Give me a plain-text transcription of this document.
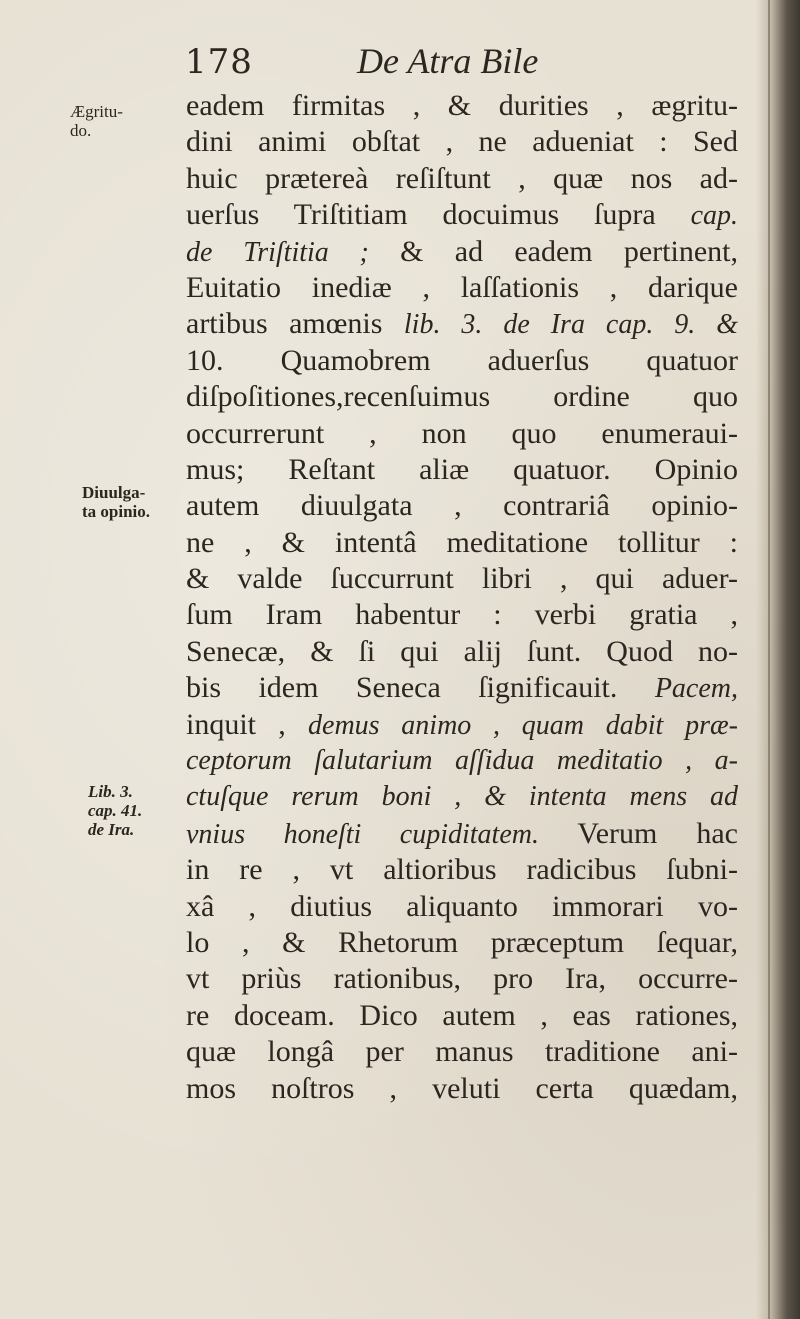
178	De Atra Bile
Ægritu-
do.
Diuulga-
ta opinio.
Lib. 3.
cap. 41.
de Ira.
eadem firmitas , & durities , ægritu-
dini animi obſtat , ne adueniat : Sed
huic prætereà reſiſtunt , quæ nos ad-
uerſus Triſtitiam docuimus ſupra cap.
de Triſtitia ; & ad eadem pertinent,
Euitatio inediæ , laſſationis , darique
artibus amœnis lib. 3. de Ira cap. 9. &
10. Quamobrem aduerſus quatuor
diſpoſitiones,recenſuimus ordine quo
occurrerunt , non quo enumeraui-
mus; Reſtant aliæ quatuor. Opinio
autem diuulgata , contrariâ opinio-
ne , & intentâ meditatione tollitur :
& valde ſuccurrunt libri , qui aduer-
ſum Iram habentur : verbi gratia ,
Senecæ, & ſi qui alij ſunt. Quod no-
bis idem Seneca ſignificauit. Pacem,
inquit , demus animo , quam dabit præ-
ceptorum ſalutarium aſſidua meditatio , a-
ctuſque rerum boni , & intenta mens ad
vnius honeſti cupiditatem. Verum hac
in re , vt altioribus radicibus ſubni-
xâ , diutius aliquanto immorari vo-
lo , & Rhetorum præceptum ſequar,
vt priùs rationibus, pro Ira, occurre-
re doceam. Dico autem , eas rationes,
quæ longâ per manus traditione ani-
mos noſtros , veluti certa quædam,
